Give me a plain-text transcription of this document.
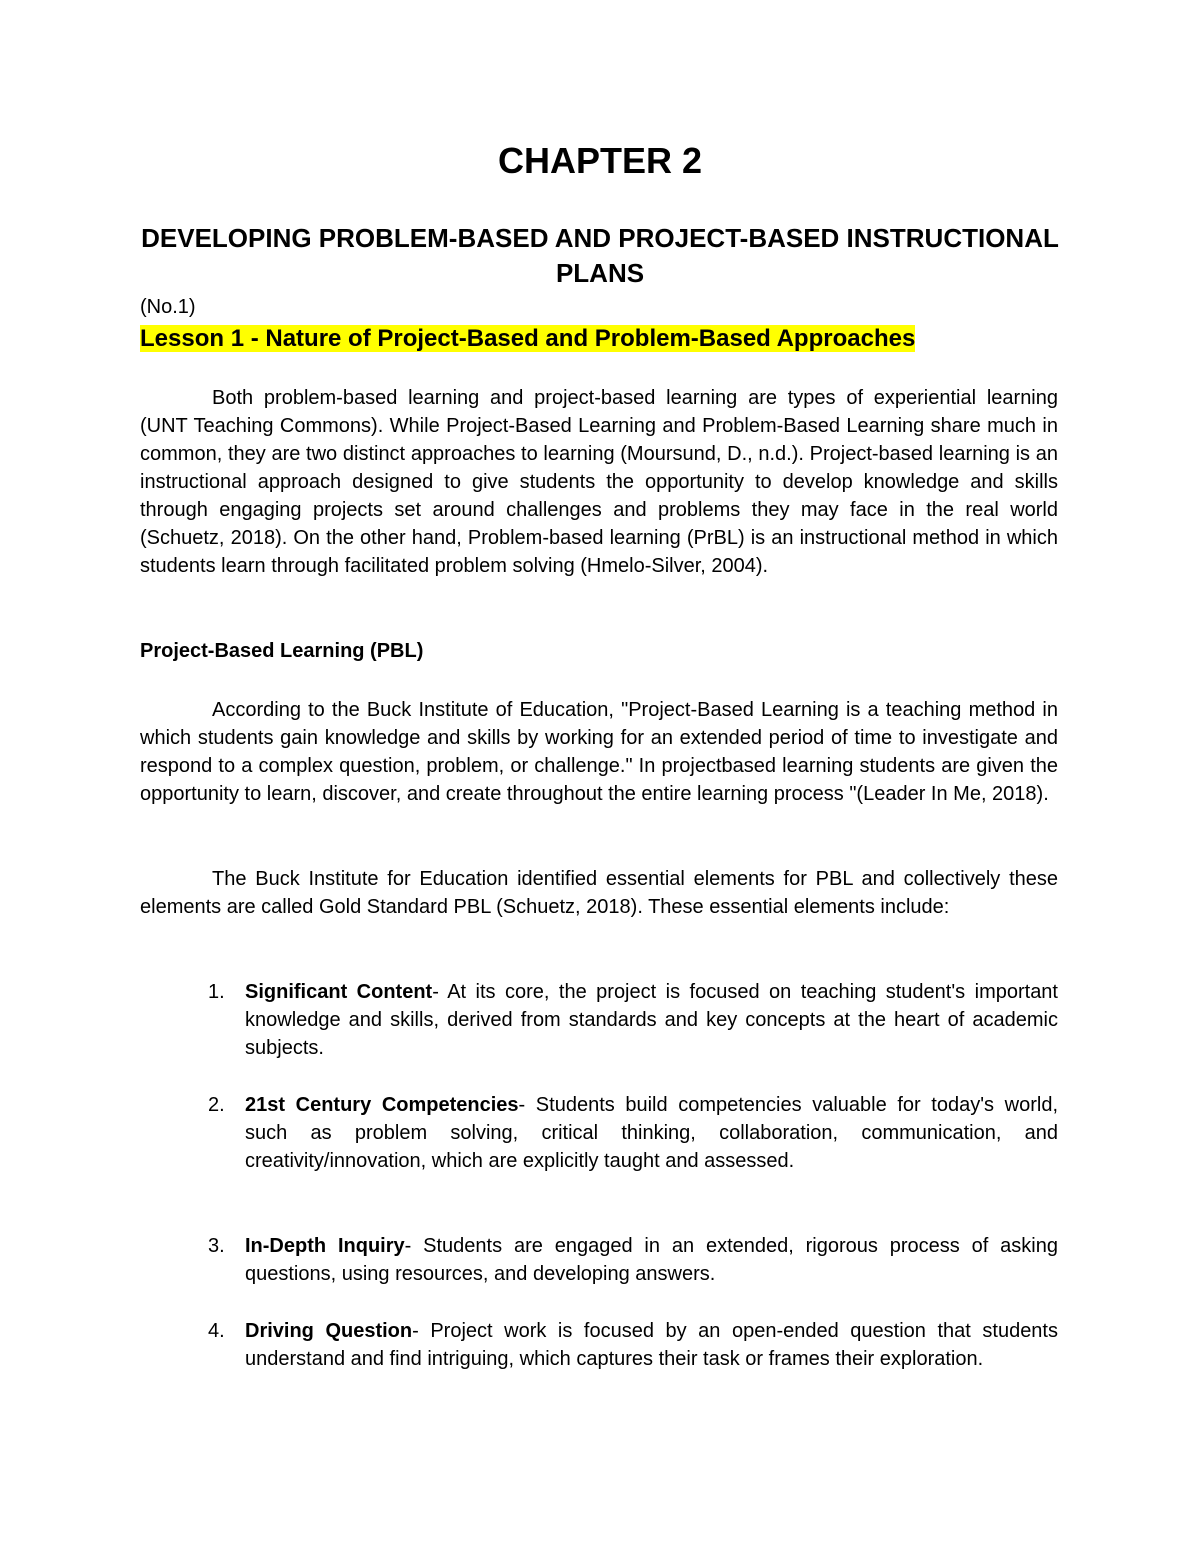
CHAPTER 2
DEVELOPING PROBLEM-BASED AND PROJECT-BASED INSTRUCTIONAL PLANS
(No.1)
Lesson 1 - Nature of Project-Based and Problem-Based Approaches

Both problem-based learning and project-based learning are types of experiential learning (UNT Teaching Commons). While Project-Based Learning and Problem-Based Learning share much in common, they are two distinct approaches to learning (Moursund, D., n.d.). Project-based learning is an instructional approach designed to give students the opportunity to develop knowledge and skills through engaging projects set around challenges and problems they may face in the real world (Schuetz, 2018). On the other hand, Problem-based learning (PrBL) is an instructional method in which students learn through facilitated problem solving (Hmelo-Silver, 2004).

Project-Based Learning (PBL)

According to the Buck Institute of Education, "Project-Based Learning is a teaching method in which students gain knowledge and skills by working for an extended period of time to investigate and respond to a complex question, problem, or challenge." In projectbased learning students are given the opportunity to learn, discover, and create throughout the entire learning process "(Leader In Me, 2018).

The Buck Institute for Education identified essential elements for PBL and collectively these elements are called Gold Standard PBL (Schuetz, 2018). These essential elements include:

1.	Significant Content- At its core, the project is focused on teaching student's important knowledge and skills, derived from standards and key concepts at the heart of academic subjects.
2.	21st Century Competencies- Students build competencies valuable for today's world, such as problem solving, critical thinking, collaboration, communication, and creativity/innovation, which are explicitly taught and assessed.
3.	In-Depth Inquiry- Students are engaged in an extended, rigorous process of asking questions, using resources, and developing answers.
4.	Driving Question- Project work is focused by an open-ended question that students understand and find intriguing, which captures their task or frames their exploration.
